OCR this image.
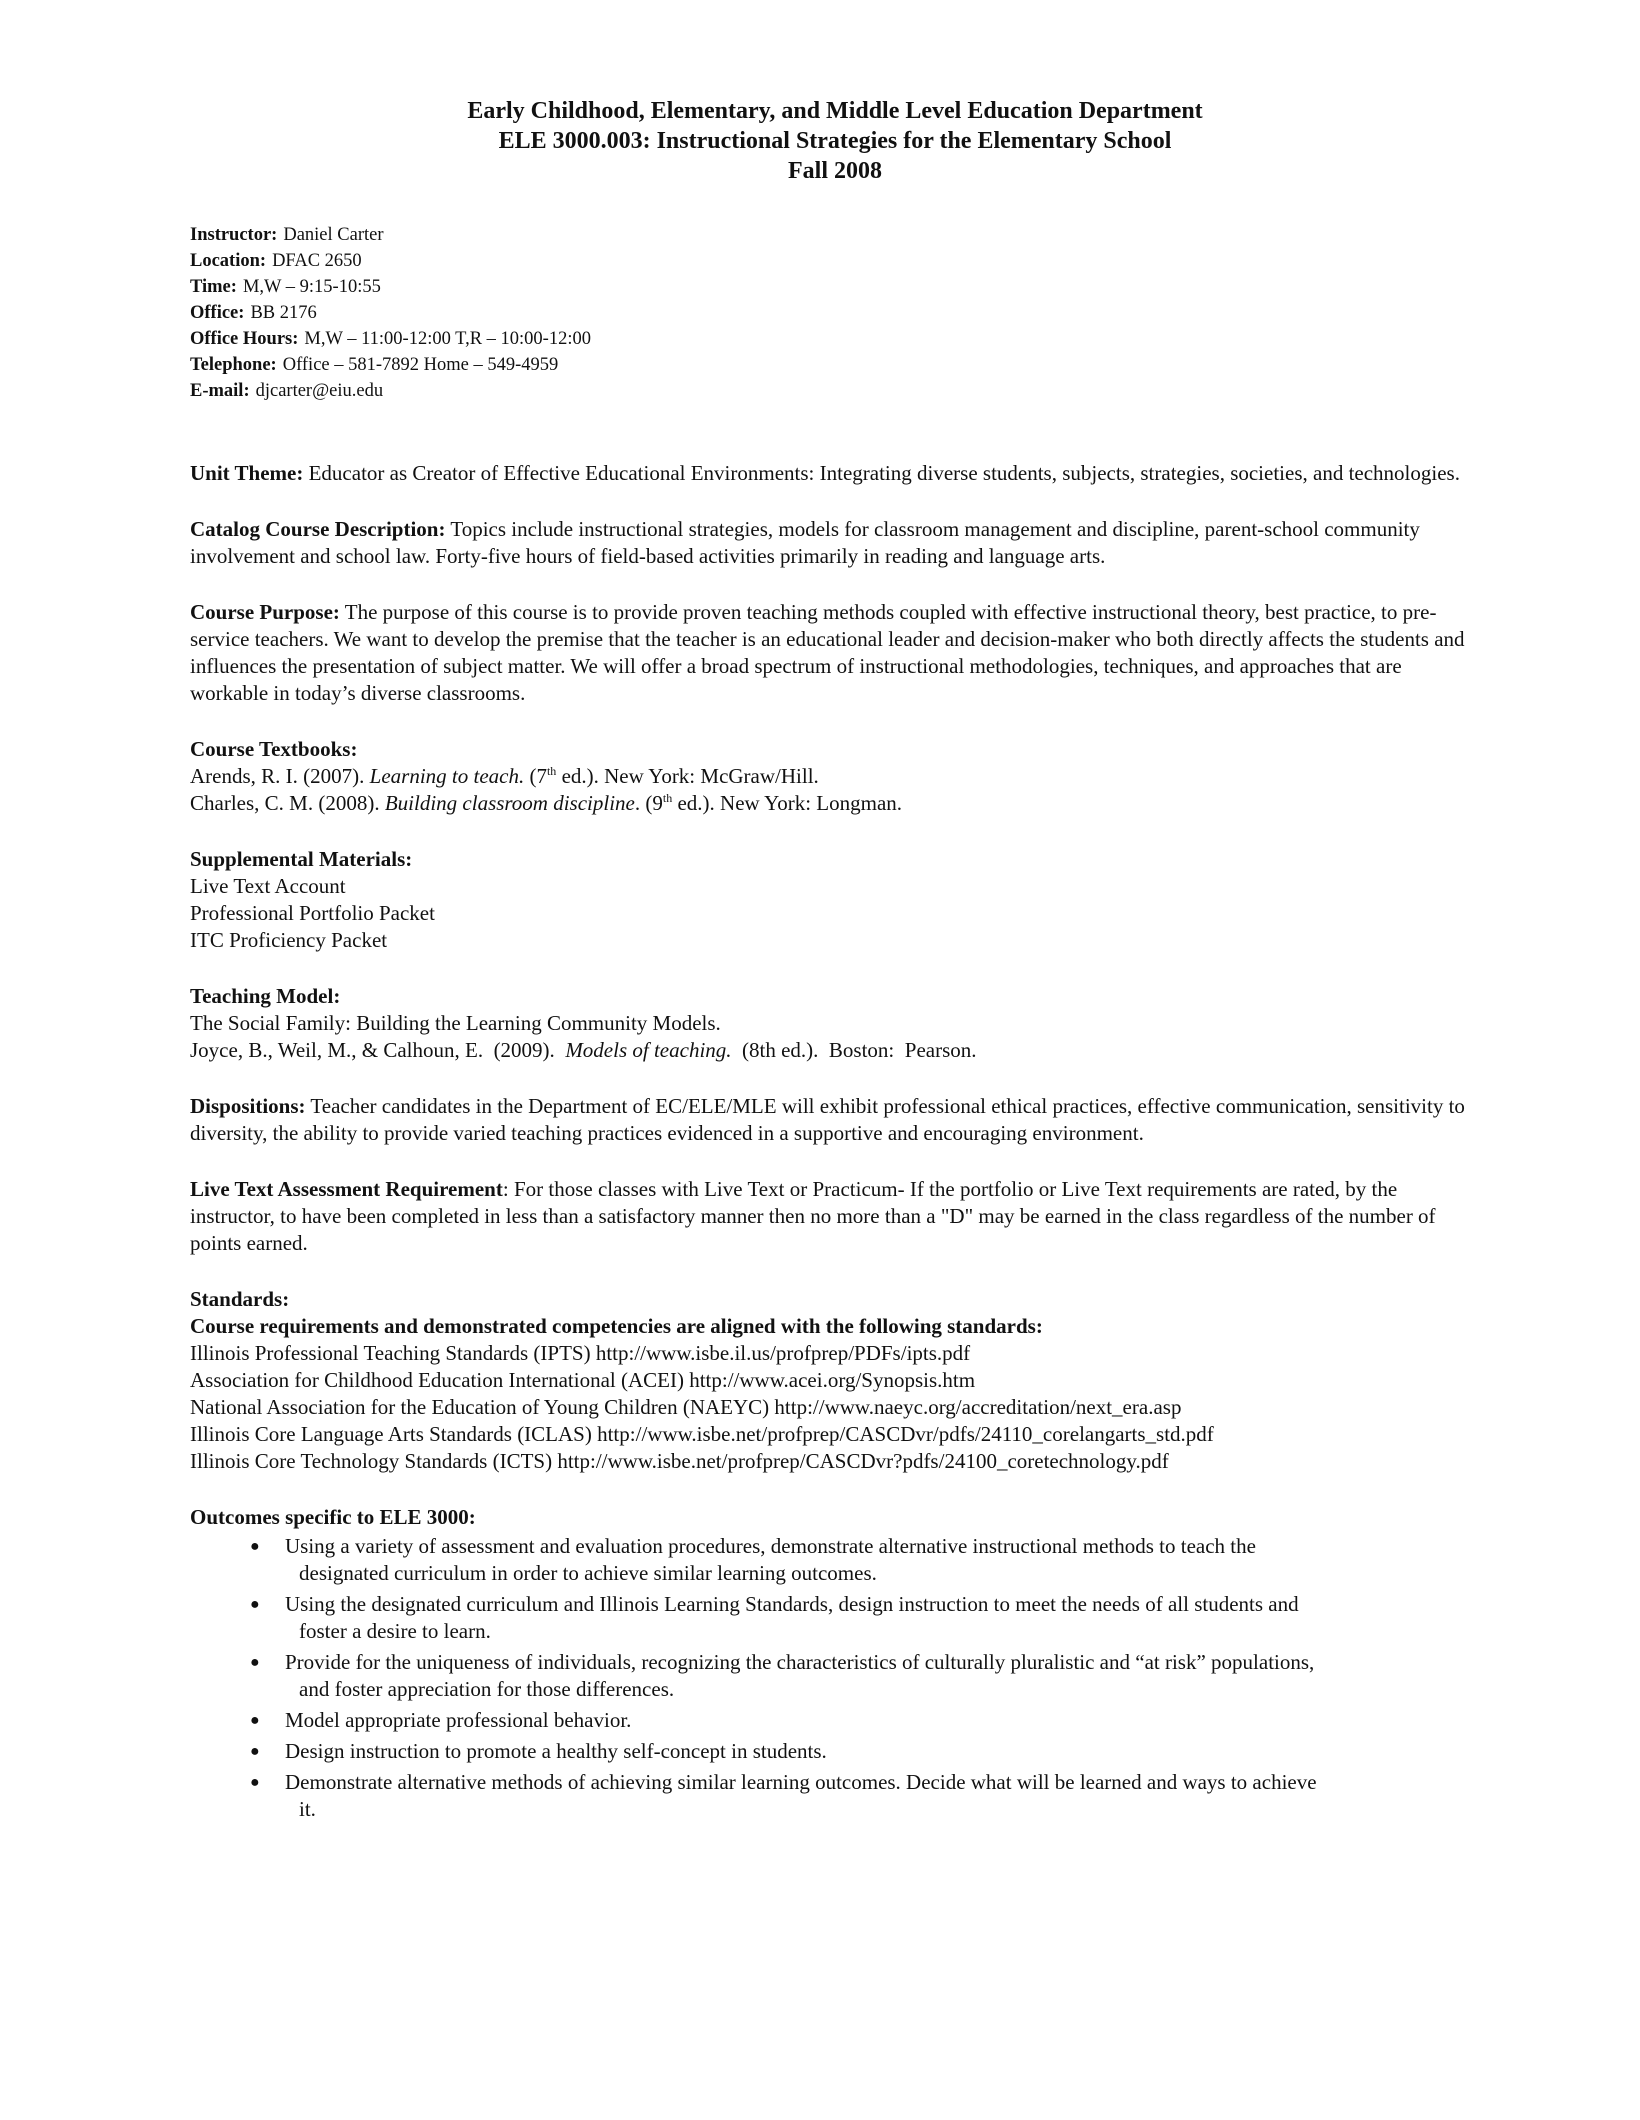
Early Childhood, Elementary, and Middle Level Education Department
ELE 3000.003: Instructional Strategies for the Elementary School
Fall 2008
Instructor: Daniel Carter
Location: DFAC 2650
Time: M,W – 9:15-10:55
Office: BB 2176
Office Hours: M,W – 11:00-12:00 T,R – 10:00-12:00
Telephone: Office – 581-7892 Home – 549-4959
E-mail: djcarter@eiu.edu

Unit Theme: Educator as Creator of Effective Educational Environments: Integrating diverse students, subjects, strategies, societies, and technologies.

Catalog Course Description: Topics include instructional strategies, models for classroom management and discipline, parent-school community involvement and school law. Forty-five hours of field-based activities primarily in reading and language arts.

Course Purpose: The purpose of this course is to provide proven teaching methods coupled with effective instructional theory, best practice, to pre-service teachers. We want to develop the premise that the teacher is an educational leader and decision-maker who both directly affects the students and influences the presentation of subject matter. We will offer a broad spectrum of instructional methodologies, techniques, and approaches that are workable in today’s diverse classrooms.

Course Textbooks:
Arends, R. I. (2007). Learning to teach. (7th ed.). New York: McGraw/Hill.
Charles, C. M. (2008). Building classroom discipline. (9th ed.). New York: Longman.
Supplemental Materials:
Live Text Account
Professional Portfolio Packet
ITC Proficiency Packet
Teaching Model:
The Social Family: Building the Learning Community Models.
Joyce, B., Weil, M., & Calhoun, E.  (2009).  Models of teaching.  (8th ed.).  Boston:  Pearson.

Dispositions: Teacher candidates in the Department of EC/ELE/MLE will exhibit professional ethical practices, effective communication, sensitivity to diversity, the ability to provide varied teaching practices evidenced in a supportive and encouraging environment.

Live Text Assessment Requirement: For those classes with Live Text or Practicum- If the portfolio or Live Text requirements are rated, by the instructor, to have been completed in less than a satisfactory manner then no more than a "D" may be earned in the class regardless of the number of points earned.

Standards:
Course requirements and demonstrated competencies are aligned with the following standards:
Illinois Professional Teaching Standards (IPTS) http://www.isbe.il.us/profprep/PDFs/ipts.pdf
Association for Childhood Education International (ACEI) http://www.acei.org/Synopsis.htm
National Association for the Education of Young Children (NAEYC) http://www.naeyc.org/accreditation/next_era.asp
Illinois Core Language Arts Standards (ICLAS) http://www.isbe.net/profprep/CASCDvr/pdfs/24110_corelangarts_std.pdf
Illinois Core Technology Standards (ICTS) http://www.isbe.net/profprep/CASCDvr?pdfs/24100_coretechnology.pdf
Outcomes specific to ELE 3000:
● Using a variety of assessment and evaluation procedures, demonstrate alternative instructional methods to teach the
designated curriculum in order to achieve similar learning outcomes.
● Using the designated curriculum and Illinois Learning Standards, design instruction to meet the needs of all students and
foster a desire to learn.
● Provide for the uniqueness of individuals, recognizing the characteristics of culturally pluralistic and “at risk” populations,
and foster appreciation for those differences.
● Model appropriate professional behavior.
● Design instruction to promote a healthy self-concept in students.
● Demonstrate alternative methods of achieving similar learning outcomes. Decide what will be learned and ways to achieve
it.
